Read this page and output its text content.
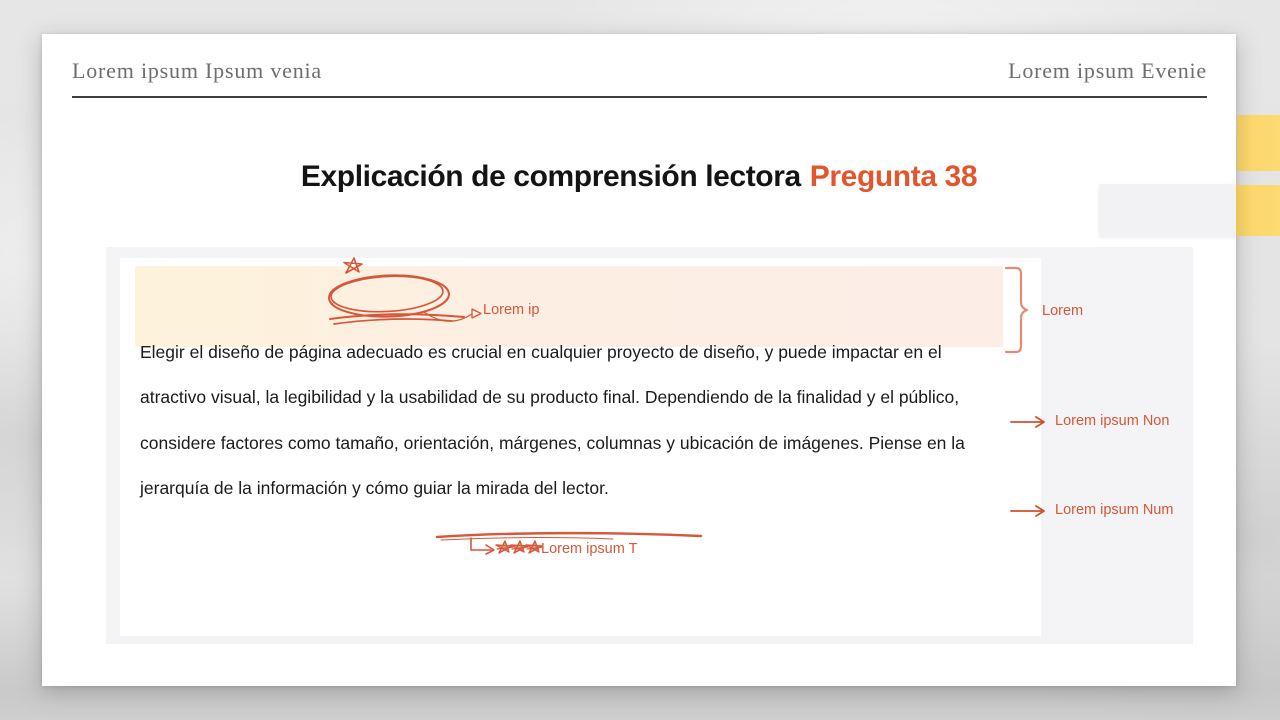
Lorem ipsum Ipsum venia	Lorem ipsum Evenie
Explicación de comprensión lectora Pregunta 38
Elegir el diseño de página adecuado es crucial en cualquier proyecto de diseño, y puede impactar en el
atractivo visual, la legibilidad y la usabilidad de su producto final. Dependiendo de la finalidad y el público,
considere factores como tamaño, orientación, márgenes, columnas y ubicación de imágenes. Piense en la
jerarquía de la información y cómo guiar la mirada del lector.
Lorem ip	Lorem
Lorem ipsum Non
Lorem ipsum Num
Lorem ipsum T
